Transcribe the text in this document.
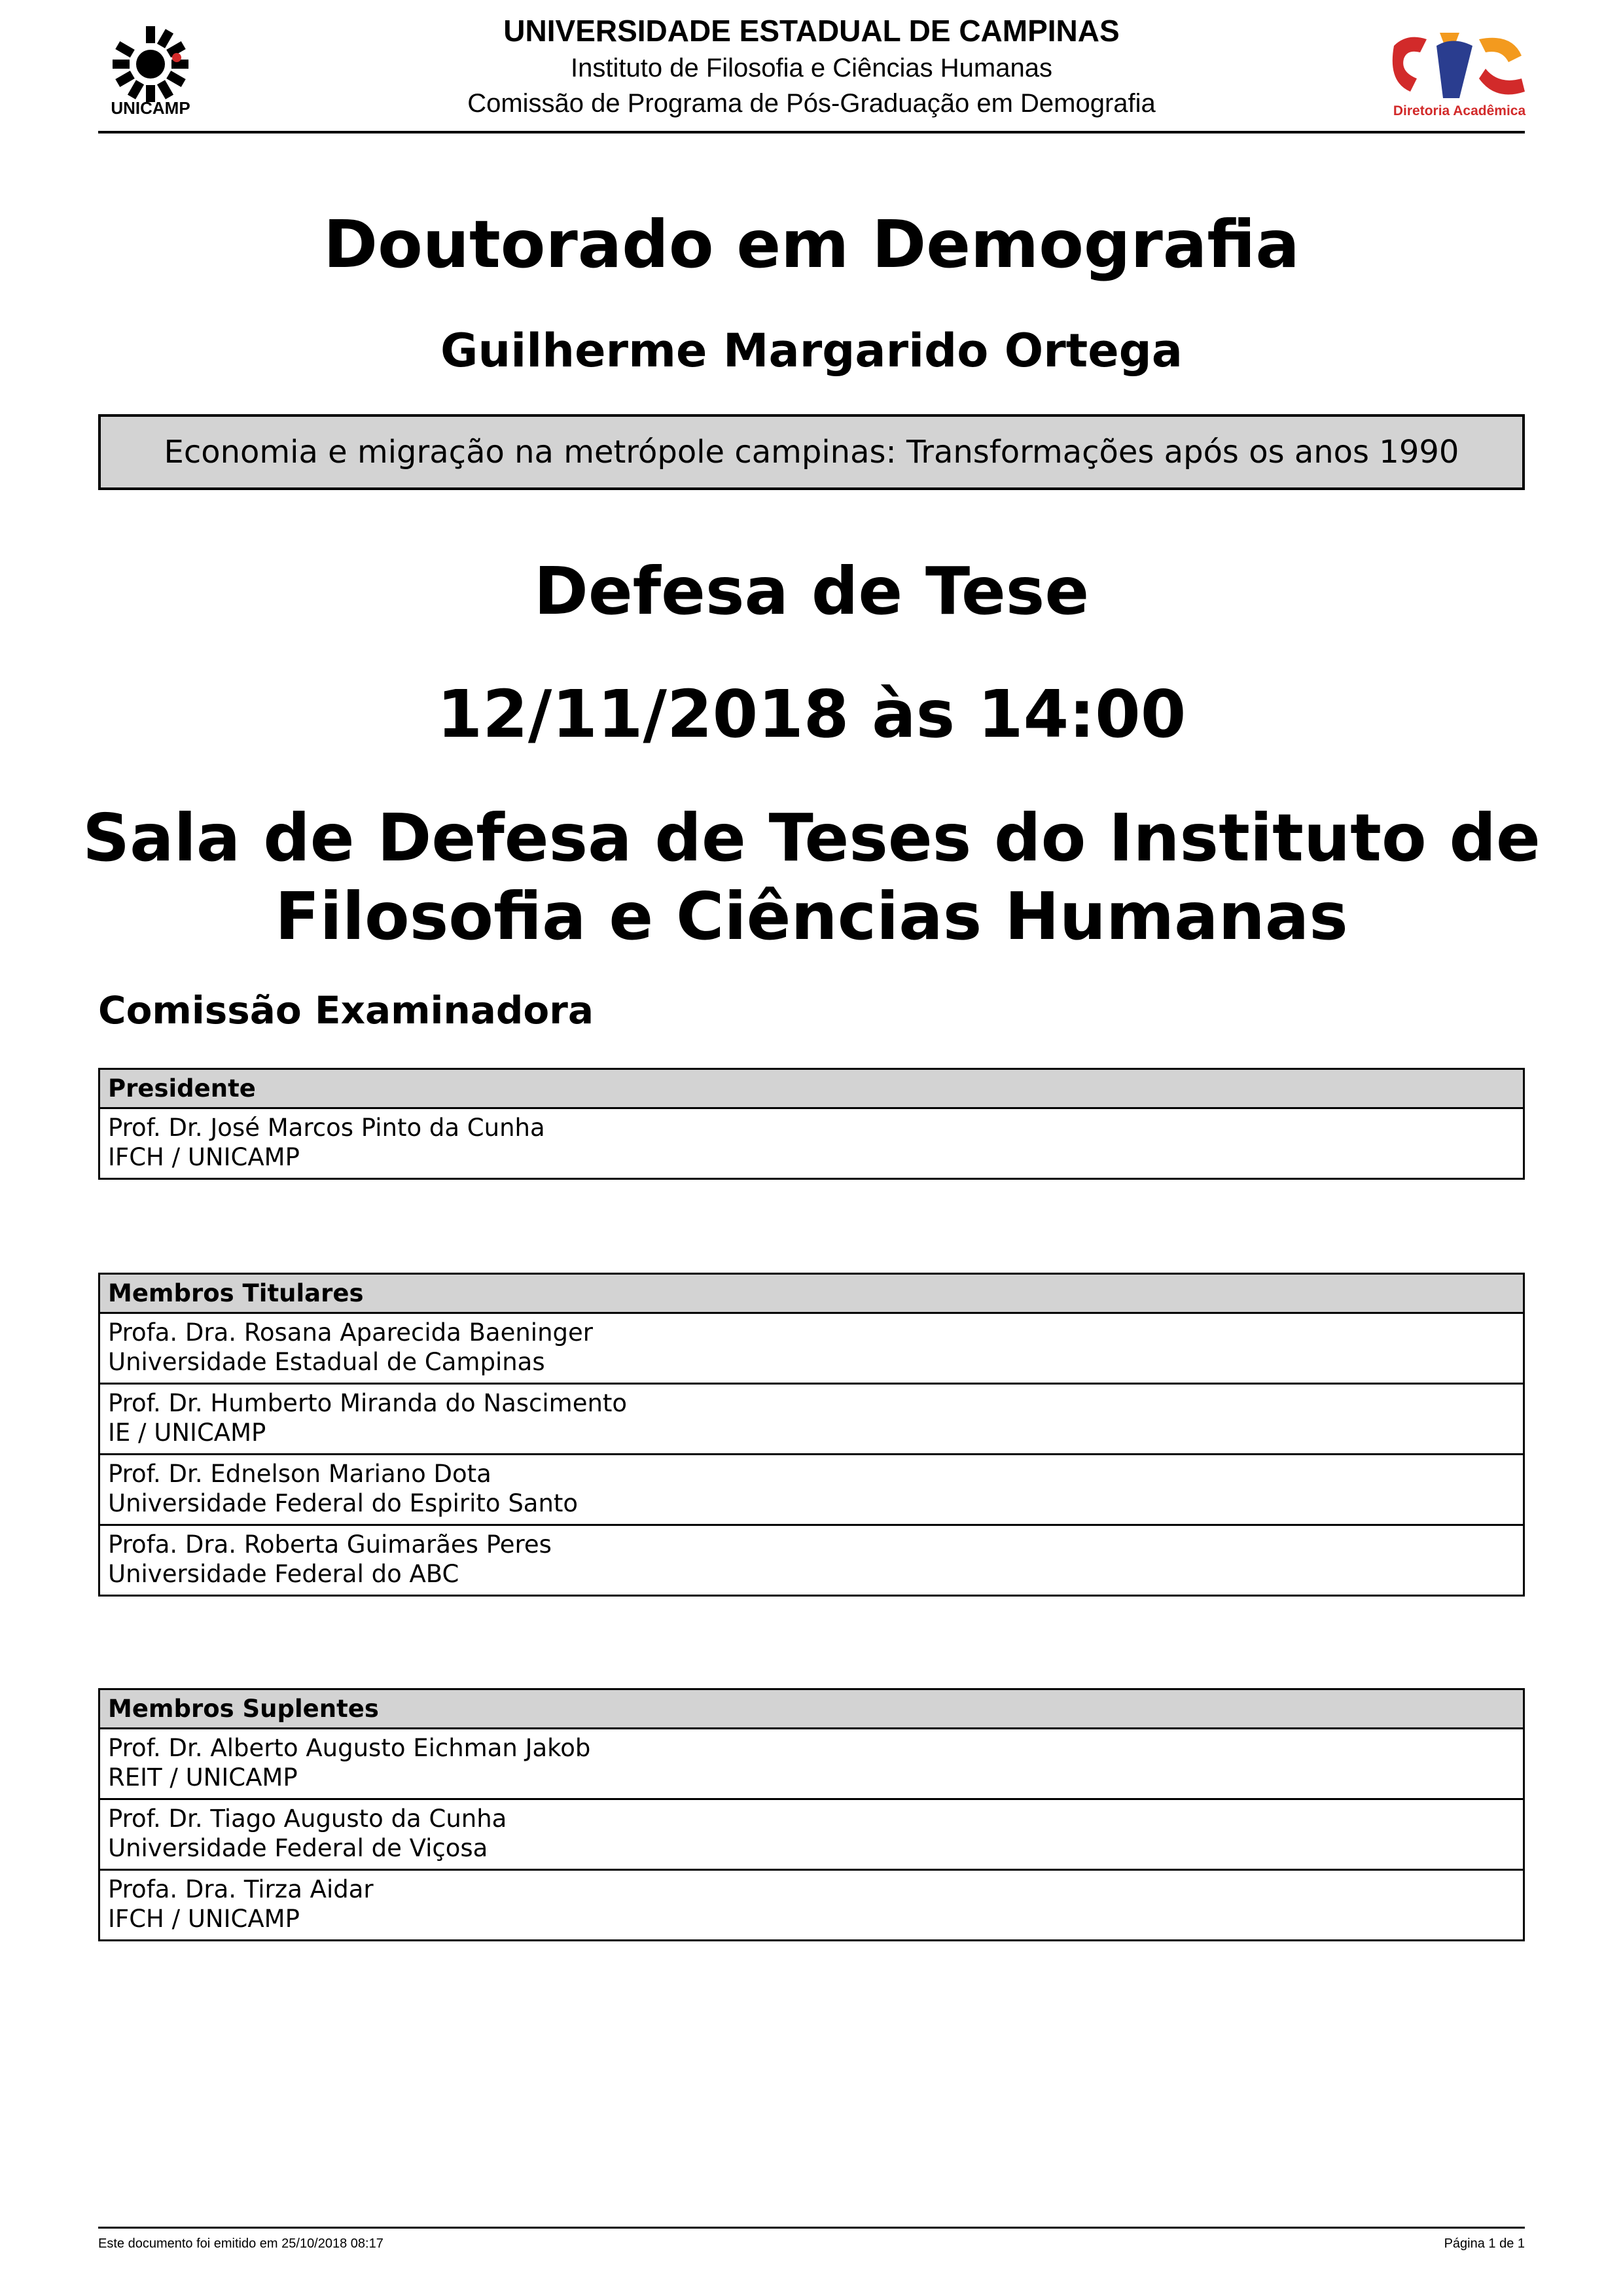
UNICAMP	Diretoria Acadêmica
UNIVERSIDADE ESTADUAL DE CAMPINAS
Instituto de Filosofia e Ciências Humanas
Comissão de Programa de Pós-Graduação em Demografia
Doutorado em Demografia
Guilherme Margarido Ortega
Economia e migração na metrópole campinas: Transformações após os anos 1990
Defesa de Tese
12/11/2018 às 14:00
Sala de Defesa de Teses do Instituto de
Filosofia e Ciências Humanas
Comissão Examinadora
Presidente

Prof. Dr. José Marcos Pinto da Cunha
IFCH / UNICAMP
Membros Titulares

Profa. Dra. Rosana Aparecida Baeninger
Universidade Estadual de Campinas

Prof. Dr. Humberto Miranda do Nascimento
IE / UNICAMP

Prof. Dr. Ednelson Mariano Dota
Universidade Federal do Espirito Santo

Profa. Dra. Roberta Guimarães Peres
Universidade Federal do ABC
Membros Suplentes

Prof. Dr. Alberto Augusto Eichman Jakob
REIT / UNICAMP

Prof. Dr. Tiago Augusto da Cunha
Universidade Federal de Viçosa

Profa. Dra. Tirza Aidar
IFCH / UNICAMP
Este documento foi emitido em 25/10/2018 08:17	Página 1 de 1
